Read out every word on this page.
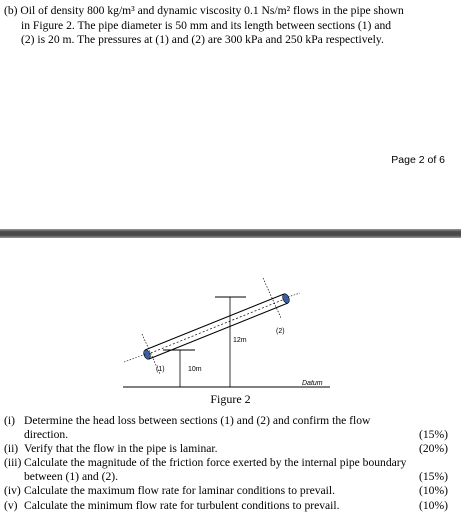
(b) Oil of density 800 kg/m³ and dynamic viscosity 0.1 Ns/m² flows in the pipe shown
in Figure 2. The pipe diameter is 50 mm and its length between sections (1) and
(2) is 20 m. The pressures at (1) and (2) are 300 kPa and 250 kPa respectively.
Page 2 of 6
12m
10m
(1)
(2)
Datum
Figure 2
(i) Determine the head loss between sections (1) and (2) and confirm the flow
direction.	(15%)
(ii) Verify that the flow in the pipe is laminar.	(20%)
(iii) Calculate the magnitude of the friction force exerted by the internal pipe boundary
between (1) and (2).	(15%)
(iv) Calculate the maximum flow rate for laminar conditions to prevail.	(10%)
(v) Calculate the minimum flow rate for turbulent conditions to prevail.	(10%)
